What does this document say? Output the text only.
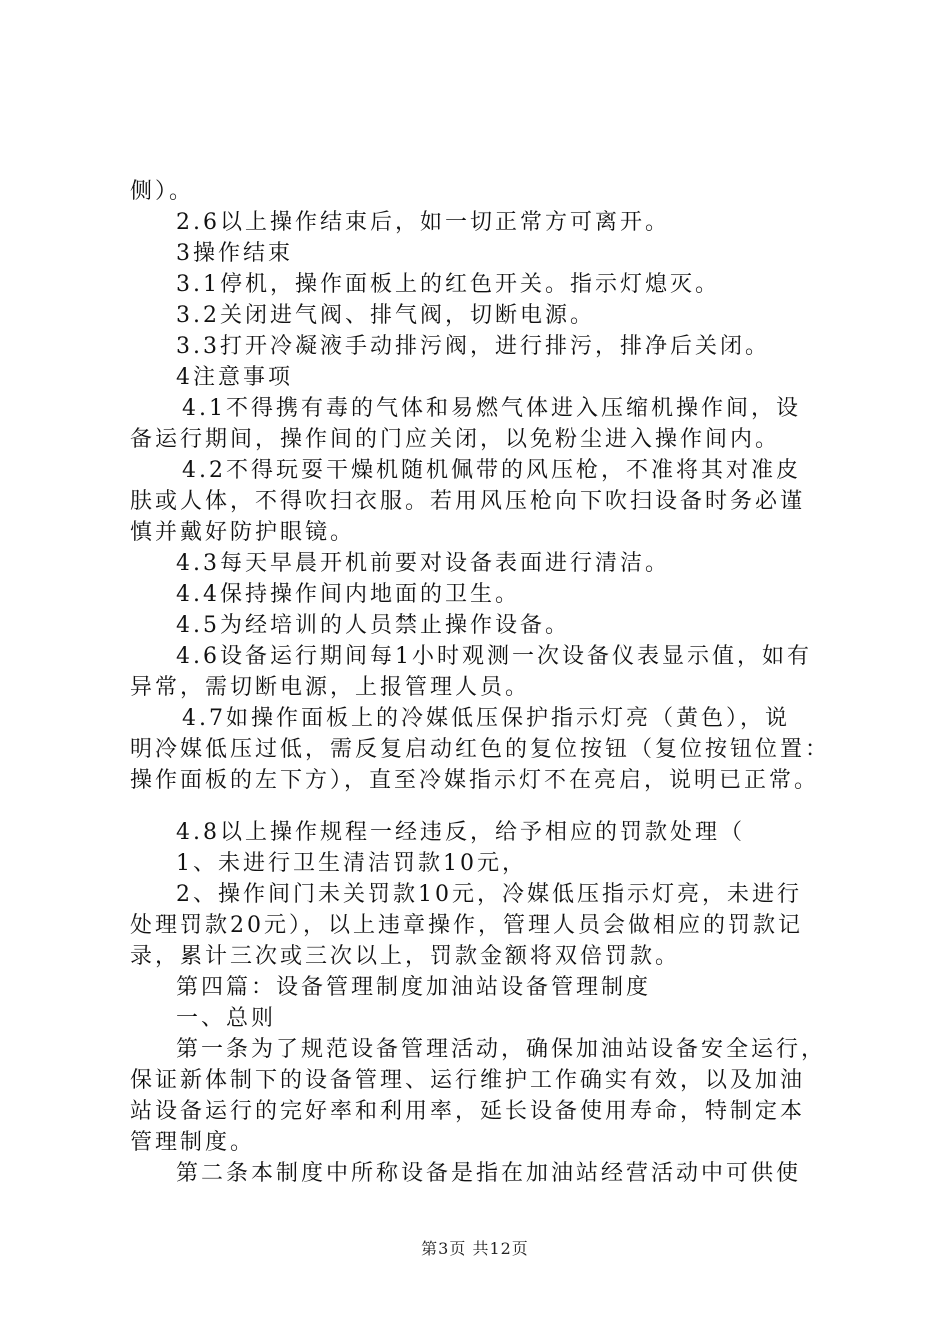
侧）。
2.6以上操作结束后，如一切正常方可离开。
3操作结束
3.1停机，操作面板上的红色开关。指示灯熄灭。
3.2关闭进气阀、排气阀，切断电源。
3.3打开冷凝液手动排污阀，进行排污，排净后关闭。
4注意事项
4.1不得携有毒的气体和易燃气体进入压缩机操作间，设
备运行期间，操作间的门应关闭，以免粉尘进入操作间内。
4.2不得玩耍干燥机随机佩带的风压枪，不准将其对准皮
肤或人体，不得吹扫衣服。若用风压枪向下吹扫设备时务必谨
慎并戴好防护眼镜。
4.3每天早晨开机前要对设备表面进行清洁。
4.4保持操作间内地面的卫生。
4.5为经培训的人员禁止操作设备。
4.6设备运行期间每1小时观测一次设备仪表显示值，如有
异常，需切断电源，上报管理人员。
4.7如操作面板上的冷媒低压保护指示灯亮（黄色），说
明冷媒低压过低，需反复启动红色的复位按钮（复位按钮位置：
操作面板的左下方），直至冷媒指示灯不在亮启，说明已正常。
4.8以上操作规程一经违反，给予相应的罚款处理（
1、未进行卫生清洁罚款10元，
2、操作间门未关罚款10元，冷媒低压指示灯亮，未进行
处理罚款20元），以上违章操作，管理人员会做相应的罚款记
录，累计三次或三次以上，罚款金额将双倍罚款。
第四篇：设备管理制度加油站设备管理制度
一、总则
第一条为了规范设备管理活动，确保加油站设备安全运行，
保证新体制下的设备管理、运行维护工作确实有效，以及加油
站设备运行的完好率和利用率，延长设备使用寿命，特制定本
管理制度。
第二条本制度中所称设备是指在加油站经营活动中可供使
第3页 共12页
